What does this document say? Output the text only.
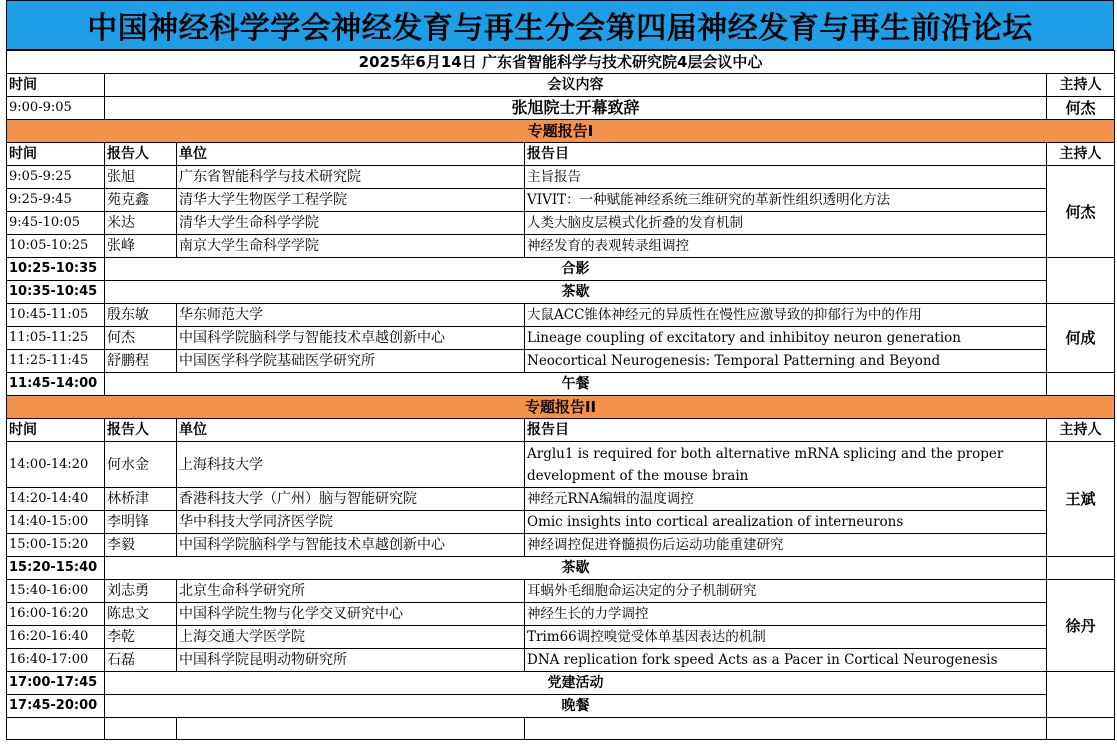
中国神经科学学会神经发育与再生分会第四届神经发育与再生前沿论坛
2025年6月14日 广东省智能科学与技术研究院4层会议中心				
时间	会议内容			主持人
9:00-9:05	张旭院士开幕致辞			何杰
专题报告I				
时间	报告人	单位	报告目	主持人
9:05-9:25	张旭	广东省智能科学与技术研究院	主旨报告	何杰
9:25-9:45	苑克鑫	清华大学生物医学工程学院	VIVIT：一种赋能神经系统三维研究的革新性组织透明化方法	
9:45-10:05	米达	清华大学生命科学学院	人类大脑皮层模式化折叠的发育机制	
10:05-10:25	张峰	南京大学生命科学学院	神经发育的表观转录组调控	
10:25-10:35	合影			
10:35-10:45	茶歇			
10:45-11:05	殷东敏	华东师范大学	大鼠ACC锥体神经元的异质性在慢性应激导致的抑郁行为中的作用	何成
11:05-11:25	何杰	中国科学院脑科学与智能技术卓越创新中心	Lineage coupling of excitatory and inhibitoy neuron generation	
11:25-11:45	舒鹏程	中国医学科学院基础医学研究所	Neocortical Neurogenesis: Temporal Patterning and Beyond	
11:45-14:00	午餐			
专题报告II				
时间	报告人	单位	报告目	主持人
14:00-14:20	何水金	上海科技大学	Arglu1 is required for both alternative mRNA splicing and the proper development of the mouse brain	王斌
14:20-14:40	林桥津	香港科技大学（广州）脑与智能研究院	神经元RNA编辑的温度调控	
14:40-15:00	李明锋	华中科技大学同济医学院	Omic insights into cortical arealization of interneurons	
15:00-15:20	李毅	中国科学院脑科学与智能技术卓越创新中心	神经调控促进脊髓损伤后运动功能重建研究	
15:20-15:40	茶歇			
15:40-16:00	刘志勇	北京生命科学研究所	耳蜗外毛细胞命运决定的分子机制研究	徐丹
16:00-16:20	陈忠文	中国科学院生物与化学交叉研究中心	神经生长的力学调控	
16:20-16:40	李乾	上海交通大学医学院	Trim66调控嗅觉受体单基因表达的机制	
16:40-17:00	石磊	中国科学院昆明动物研究所	DNA replication fork speed Acts as a Pacer in Cortical Neurogenesis	
17:00-17:45	党建活动			
17:45-20:00	晚餐			
